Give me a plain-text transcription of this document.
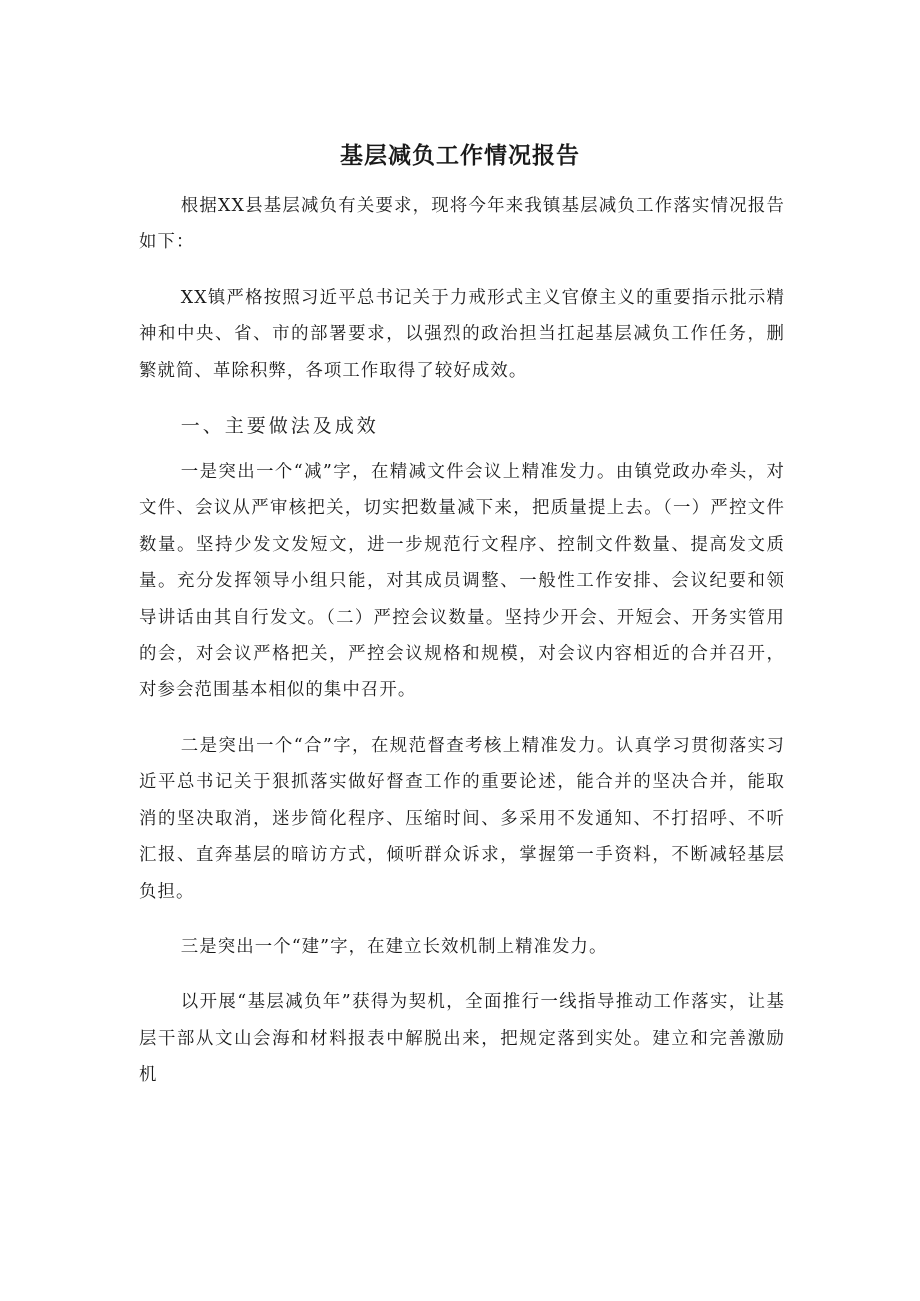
基层减负工作情况报告

根据XX县基层减负有关要求，现将今年来我镇基层减负工作落实情况报告如下：

XX镇严格按照习近平总书记关于力戒形式主义官僚主义的重要指示批示精神和中央、省、市的部署要求，以强烈的政治担当扛起基层减负工作任务，删繁就简、革除积弊，各项工作取得了较好成效。

一、主要做法及成效

一是突出一个“减”字，在精减文件会议上精准发力。由镇党政办牵头，对文件、会议从严审核把关，切实把数量减下来，把质量提上去。（一）严控文件数量。坚持少发文发短文，进一步规范行文程序、控制文件数量、提高发文质量。充分发挥领导小组只能，对其成员调整、一般性工作安排、会议纪要和领导讲话由其自行发文。（二）严控会议数量。坚持少开会、开短会、开务实管用的会，对会议严格把关，严控会议规格和规模，对会议内容相近的合并召开，对参会范围基本相似的集中召开。

二是突出一个“合”字，在规范督查考核上精准发力。认真学习贯彻落实习近平总书记关于狠抓落实做好督查工作的重要论述，能合并的坚决合并，能取消的坚决取消，迷步简化程序、压缩时间、多采用不发通知、不打招呼、不听汇报、直奔基层的暗访方式，倾听群众诉求，掌握第一手资料，不断减轻基层负担。

三是突出一个“建”字，在建立长效机制上精准发力。

以开展“基层减负年”获得为契机，全面推行一线指导推动工作落实，让基层干部从文山会海和材料报表中解脱出来，把规定落到实处。建立和完善激励机
